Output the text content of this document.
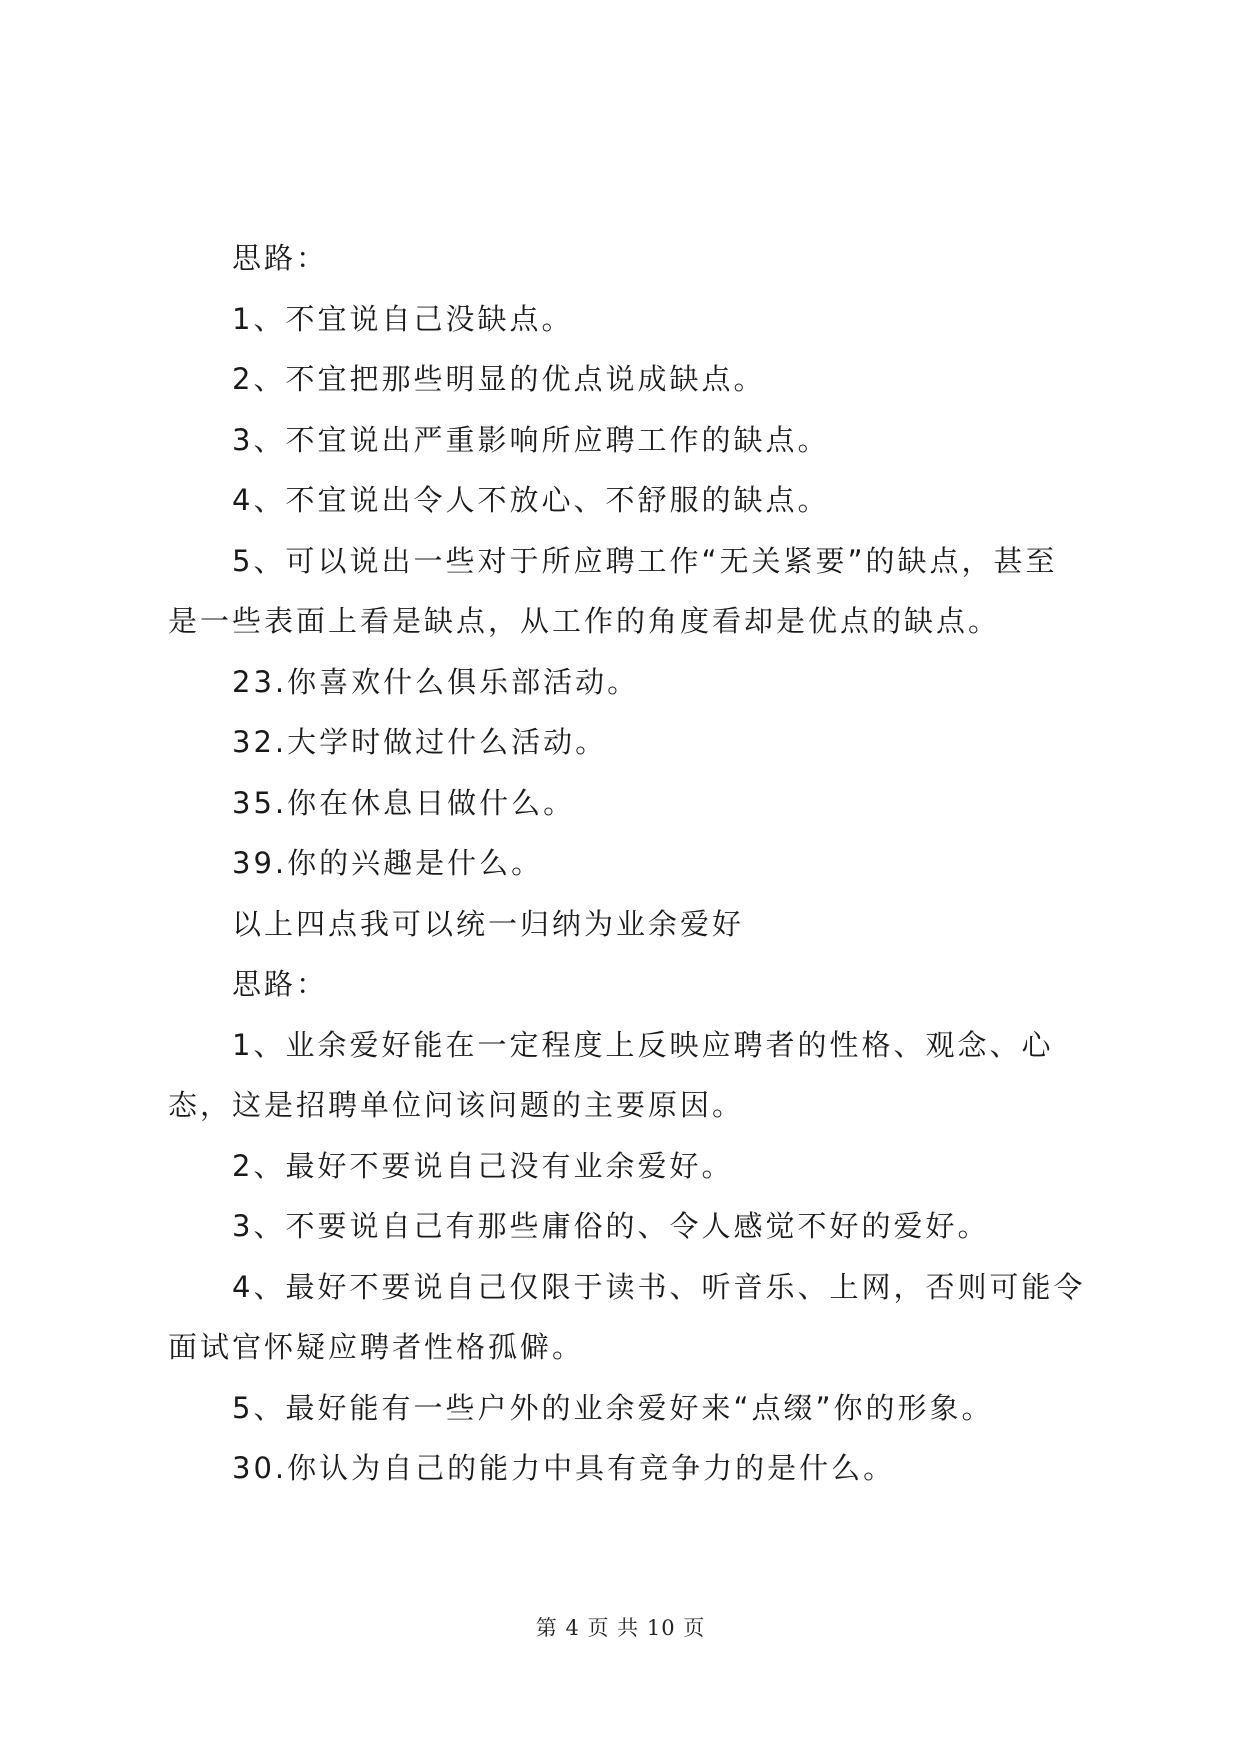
思路：

1、不宜说自己没缺点。

2、不宜把那些明显的优点说成缺点。

3、不宜说出严重影响所应聘工作的缺点。

4、不宜说出令人不放心、不舒服的缺点。

5、可以说出一些对于所应聘工作“无关紧要”的缺点，甚至是一些表面上看是缺点，从工作的角度看却是优点的缺点。

23.你喜欢什么俱乐部活动。

32.大学时做过什么活动。

35.你在休息日做什么。

39.你的兴趣是什么。

以上四点我可以统一归纳为业余爱好

思路：

1、业余爱好能在一定程度上反映应聘者的性格、观念、心态，这是招聘单位问该问题的主要原因。

2、最好不要说自己没有业余爱好。

3、不要说自己有那些庸俗的、令人感觉不好的爱好。

4、最好不要说自己仅限于读书、听音乐、上网，否则可能令面试官怀疑应聘者性格孤僻。

5、最好能有一些户外的业余爱好来“点缀”你的形象。

30.你认为自己的能力中具有竞争力的是什么。

第 4 页 共 10 页
